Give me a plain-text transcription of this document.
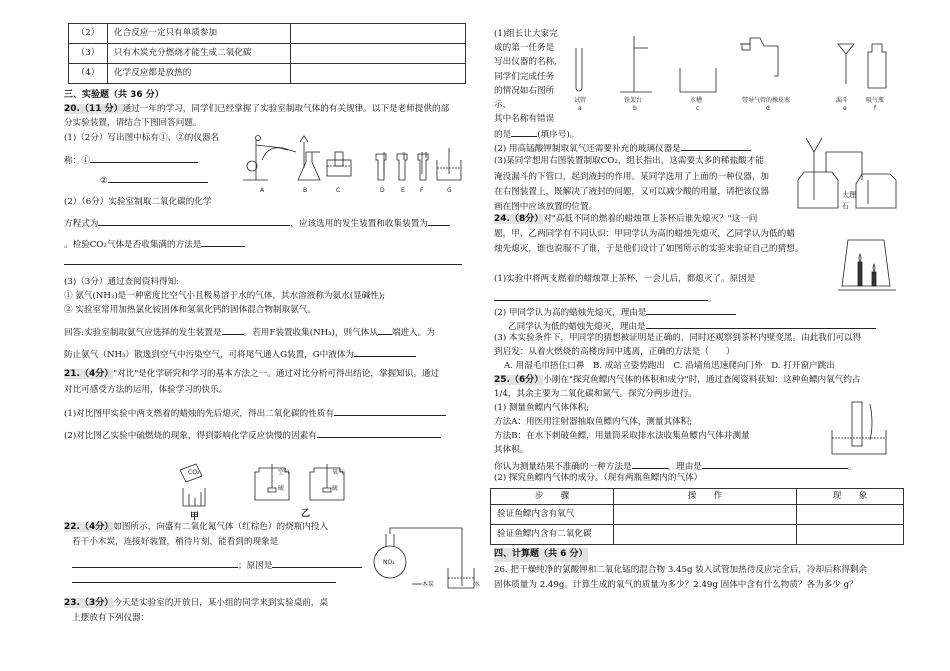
（2）	化合反应一定只有单质参加	
（3）	只有木炭充分燃烧才能生成二氧化碳	
（4）	化学反应都是放热的	
三、实验题（共 36 分）
20.（11 分）通过一年的学习，同学们已经掌握了实验室制取气体的有关规律。以下是老师提供的部
分实验装置，请结合下图回答问题。
(1)（2分）写出图中标有①、②的仪器名
称：①
②
(2）（6分）实验室制取二氧化碳的化学
方程式为	，应该选用的发生装置和收集装置为
。检验CO₂气体是否收集满的方法是
(3)（3分）通过查阅资料得知:
① 氨气(NH₃)是一种密度比空气小且极易溶于水的气体，其水溶液称为氨水(显碱性);
② 实验室常用加热氯化铵固体和氢氧化钙的固体混合物制取氨气。
回答:实验室制取氨气应选择的发生装置是	。若用F装置收集(NH₃)，则气体从 端进入。为
防止氨气（NH₃）散逸到空气中污染空气，可将尾气通入G装置，G中液体为
21.（4分）"对比"是化学研究和学习的基本方法之一。通过对比分析可得出结论，掌握知识。通过
对比可感受方法的运用，体验学习的快乐。
(1)对比图甲实验中两支燃着的蜡烛的先后熄灭，得出二氧化碳的性质有
(2)对比图乙实验中硫燃烧的现象，得到影响化学反应快慢的因素有
22.（4分）如图所示，向盛有二氧化氮气体（红棕色）的烧瓶内投入
若干小木炭，连接好装置，稍待片刻，能看到的现象是
；原因是
23.（3分）今天是实验室的开放日，某小组的同学来到实验桌前，桌
上摆放有下列仪器：
A	B	C	D	E	F	G
CO₂
甲
空气
硫
氧气
硫
乙
NO₂
木炭	水
试管
a
铁架台
b
水槽
c
带导气管的橡皮塞
d
漏斗
e
吸气瓶
f
大理
石
(1)组长让大家完
成的第一任务是
写出仪器的名称,
同学们完成任务
的情况如右图所
示，
其中名称有错误
的是	(填序号)。
(2) 用高锰酸钾制取氧气还需要补充的玻璃仪器是
(3)某同学想用右图装置制取CO₂，组长指出，这需要太多的稀盐酸才能
淹没漏斗的下管口，起到液封的作用。某同学选用了上面的一种仪器，加
在右图装置上，既解决了液封的问题，又可以减少酸的用量，请把该仪器
画在图中应该放置的位置。
24.（8分）对"高低不同的燃着的蜡烛罩上茶杯后谁先熄灭？"这一问
题，甲、乙两同学有不同认识：甲同学认为高的蜡烛先熄灭，乙同学认为低的蜡
烛先熄灭，谁也说服不了谁，于是他们设计了如图所示的实验来验证自己的猜想。
(1)实验中将两支燃着的蜡烛罩上茶杯，一会儿后，都熄灭了。原因是
。
(2) 甲同学认为高的蜡烛先熄灭，理由是
乙同学认为低的蜡烛先熄灭，理由是
(3) 本实验条件下，甲同学的猜想被证明是正确的，同时还观察到茶杯内壁变黑。由此我们可以得
到启发：从着火燃烧的高楼房间中逃离，正确的方法是（　　）
A. 用湿毛巾捂住口鼻　B. 成站立姿势跑出　C. 沿墙角迅速爬向门外　D. 打开窗户跳出
25.（6分）小刚在"探究鱼鳔内气体的体积和成分"时，通过查阅资料获知：这种鱼鳔内氧气约占
1/4，其余主要为二氧化碳和氮气。探究分两步进行。
(1) 测量鱼鳔内气体体积;
方法A：用医用注射器抽取鱼鳔内气体，测量其体积;
方法B：在水下刺破鱼鳔，用量筒采取排水法收集鱼鳔内气体并测量
其体积。
你认为测量结果不准确的一种方法是	，理由是	。
(2) 探究鱼鳔内气体的成分。（现有两瓶鱼鳔内的气体）
步　　骤	操　　作	现　　象
验证鱼鳔内含有氧气		
验证鱼鳔内含有二氧化碳		
四、计算题（共 6 分）
26. 把干燥纯净的氯酸钾和二氧化锰的混合物 3.45g 装入试管加热待反应完全后，冷却后称得剩余
固体质量为 2.49g。计算生成的氧气的质量为多少？2.49g 固体中含有什么物质？各为多少 g？
